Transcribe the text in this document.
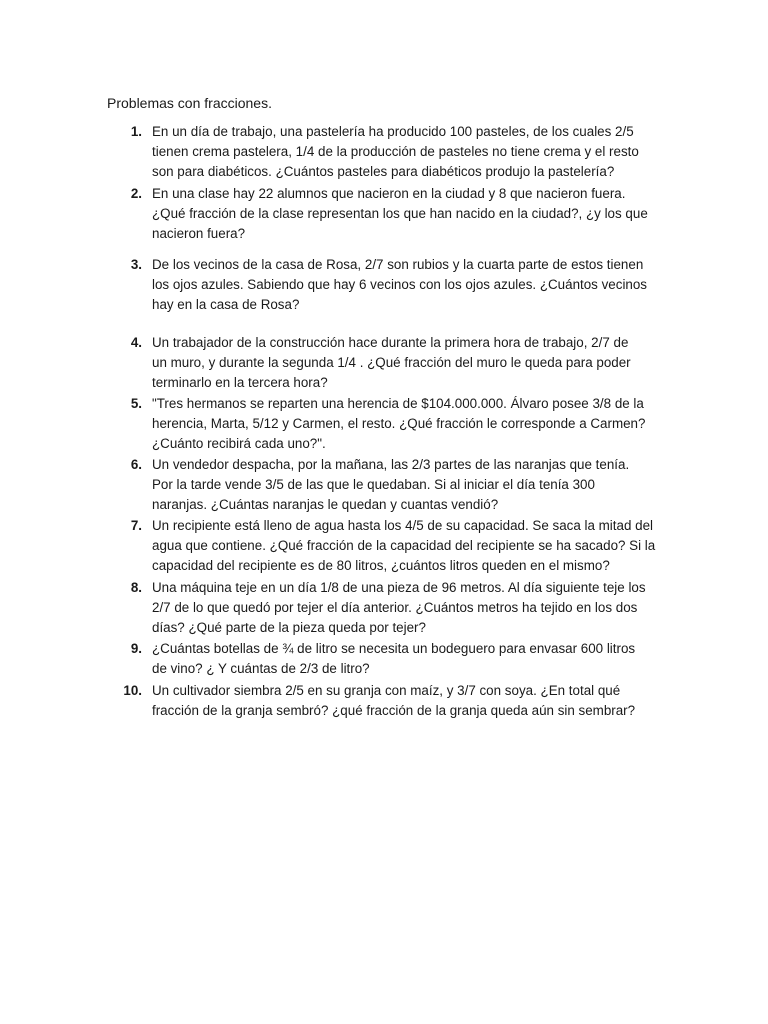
Problemas con fracciones.
1. En un día de trabajo, una pastelería ha producido 100 pasteles, de los cuales 2/5
tienen crema pastelera, 1/4 de la producción de pasteles no tiene crema y el resto
son para diabéticos. ¿Cuántos pasteles para diabéticos produjo la pastelería?
2. En una clase hay 22 alumnos que nacieron en la ciudad y 8 que nacieron fuera.
¿Qué fracción de la clase representan los que han nacido en la ciudad?, ¿y los que
nacieron fuera?
3. De los vecinos de la casa de Rosa, 2/7 son rubios y la cuarta parte de estos tienen
los ojos azules. Sabiendo que hay 6 vecinos con los ojos azules. ¿Cuántos vecinos
hay en la casa de Rosa?
4. Un trabajador de la construcción hace durante la primera hora de trabajo, 2/7 de
un muro, y durante la segunda 1/4 . ¿Qué fracción del muro le queda para poder
terminarlo en la tercera hora?
5. "Tres hermanos se reparten una herencia de $104.000.000. Álvaro posee 3/8 de la
herencia, Marta, 5/12 y Carmen, el resto. ¿Qué fracción le corresponde a Carmen?
¿Cuánto recibirá cada uno?".
6. Un vendedor despacha, por la mañana, las 2/3 partes de las naranjas que tenía.
Por la tarde vende 3/5 de las que le quedaban. Si al iniciar el día tenía 300
naranjas. ¿Cuántas naranjas le quedan y cuantas vendió?
7. Un recipiente está lleno de agua hasta los 4/5 de su capacidad. Se saca la mitad del
agua que contiene. ¿Qué fracción de la capacidad del recipiente se ha sacado? Si la
capacidad del recipiente es de 80 litros, ¿cuántos litros queden en el mismo?
8. Una máquina teje en un día 1/8 de una pieza de 96 metros. Al día siguiente teje los
2/7 de lo que quedó por tejer el día anterior. ¿Cuántos metros ha tejido en los dos
días? ¿Qué parte de la pieza queda por tejer?
9. ¿Cuántas botellas de ¾ de litro se necesita un bodeguero para envasar 600 litros
de vino? ¿ Y cuántas de 2/3 de litro?
10. Un cultivador siembra 2/5 en su granja con maíz, y 3/7 con soya. ¿En total qué
fracción de la granja sembró? ¿qué fracción de la granja queda aún sin sembrar?
